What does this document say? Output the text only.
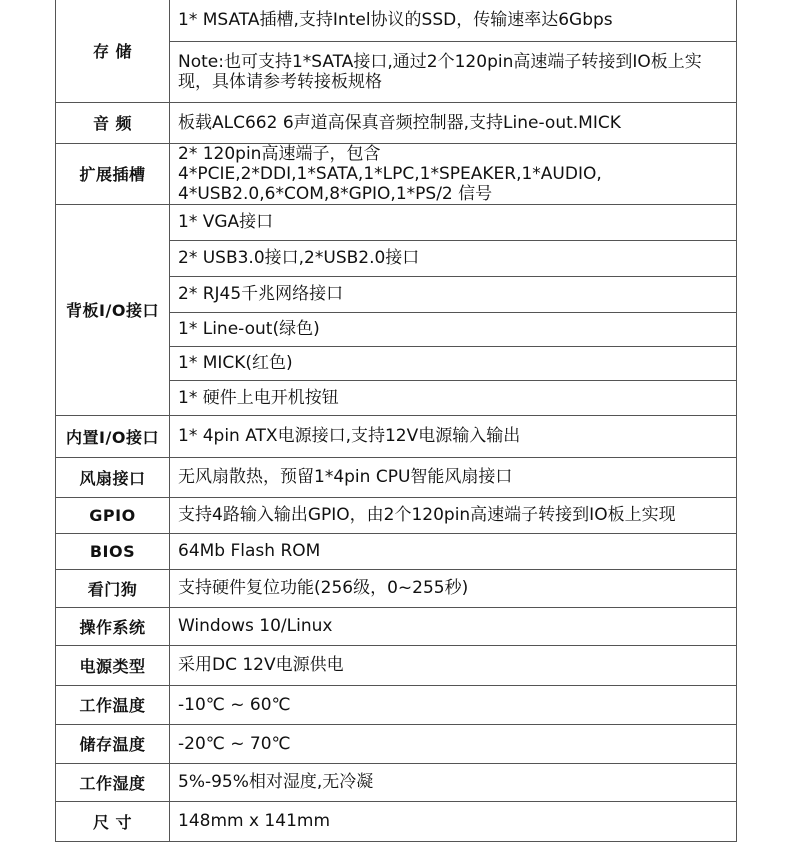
存 储	1* MSATA插槽,支持Intel协议的SSD，传输速率达6Gbps
	Note:也可支持1*SATA接口,通过2个120pin高速端子转接到IO板上实现，具体请参考转接板规格
音 频	板载ALC662 6声道高保真音频控制器,支持Line-out.MICK
扩展插槽	2* 120pin高速端子，包含4*PCIE,2*DDI,1*SATA,1*LPC,1*SPEAKER,1*AUDIO, 4*USB2.0,6*COM,8*GPIO,1*PS/2 信号
背板I/O接口	1* VGA接口
	2* USB3.0接口,2*USB2.0接口
	2* RJ45千兆网络接口
	1* Line-out(绿色)
	1* MICK(红色)
	1* 硬件上电开机按钮
内置I/O接口	1* 4pin ATX电源接口,支持12V电源输入输出
风扇接口	无风扇散热，预留1*4pin CPU智能风扇接口
GPIO	支持4路输入输出GPIO，由2个120pin高速端子转接到IO板上实现
BIOS	64Mb Flash ROM
看门狗	支持硬件复位功能(256级，0~255秒)
操作系统	Windows 10/Linux
电源类型	采用DC 12V电源供电
工作温度	-10℃ ~ 60℃
储存温度	-20℃ ~ 70℃
工作湿度	5%-95%相对湿度,无冷凝
尺 寸	148mm x 141mm
